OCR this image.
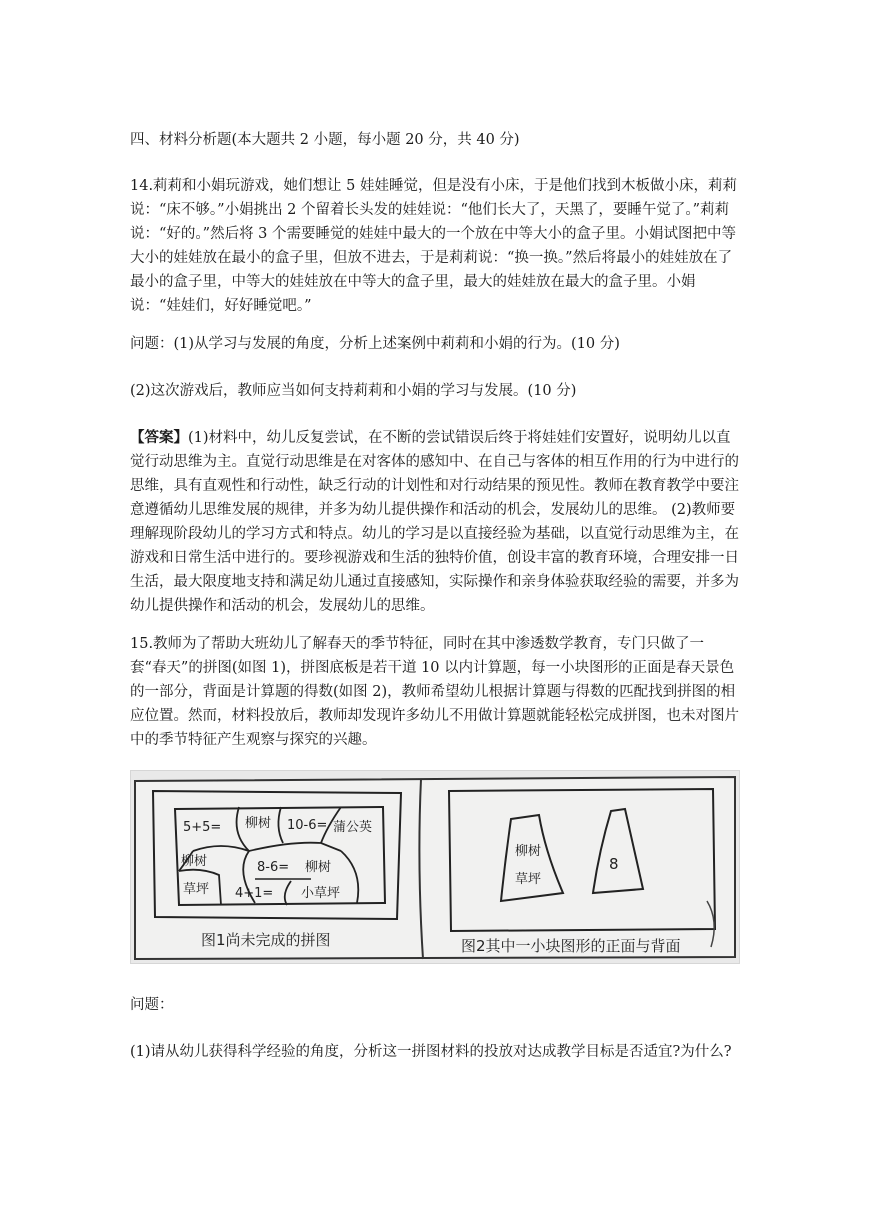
四、材料分析题(本大题共 2 小题，每小题 20 分，共 40 分)

14.莉莉和小娟玩游戏，她们想让 5 娃娃睡觉，但是没有小床，于是他们找到木板做小床，莉莉说：“床不够。”小娟挑出 2 个留着长头发的娃娃说：“他们长大了，天黑了，要睡午觉了。”莉莉说：“好的。”然后将 3 个需要睡觉的娃娃中最大的一个放在中等大小的盒子里。小娟试图把中等大小的娃娃放在最小的盒子里，但放不进去，于是莉莉说：“换一换。”然后将最小的娃娃放在了最小的盒子里，中等大的娃娃放在中等大的盒子里，最大的娃娃放在最大的盒子里。小娟说：“娃娃们，好好睡觉吧。”

问题：(1)从学习与发展的角度，分析上述案例中莉莉和小娟的行为。(10 分)

(2)这次游戏后，教师应当如何支持莉莉和小娟的学习与发展。(10 分)

【答案】(1)材料中，幼儿反复尝试，在不断的尝试错误后终于将娃娃们安置好，说明幼儿以直觉行动思维为主。直觉行动思维是在对客体的感知中、在自己与客体的相互作用的行为中进行的思维，具有直观性和行动性，缺乏行动的计划性和对行动结果的预见性。教师在教育教学中要注意遵循幼儿思维发展的规律，并多为幼儿提供操作和活动的机会，发展幼儿的思维。 (2)教师要理解现阶段幼儿的学习方式和特点。幼儿的学习是以直接经验为基础，以直觉行动思维为主，在游戏和日常生活中进行的。要珍视游戏和生活的独特价值，创设丰富的教育环境，合理安排一日生活，最大限度地支持和满足幼儿通过直接感知，实际操作和亲身体验获取经验的需要，并多为幼儿提供操作和活动的机会，发展幼儿的思维。

15.教师为了帮助大班幼儿了解春天的季节特征，同时在其中渗透数学教育，专门只做了一套“春天”的拼图(如图 1)，拼图底板是若干道 10 以内计算题，每一小块图形的正面是春天景色的一部分，背面是计算题的得数(如图 2)，教师希望幼儿根据计算题与得数的匹配找到拼图的相应位置。然而，材料投放后，教师却发现许多幼儿不用做计算题就能轻松完成拼图，也未对图片中的季节特征产生观察与探究的兴趣。

5+5= 柳树 10-6= 蒲公英
8-6=
柳树
草坪 4+1=
柳树
小草坪
图1尚未完成的拼图
柳树
草坪
8
图2其中一小块图形的正面与背面

问题：

(1)请从幼儿获得科学经验的角度，分析这一拼图材料的投放对达成教学目标是否适宜?为什么?
